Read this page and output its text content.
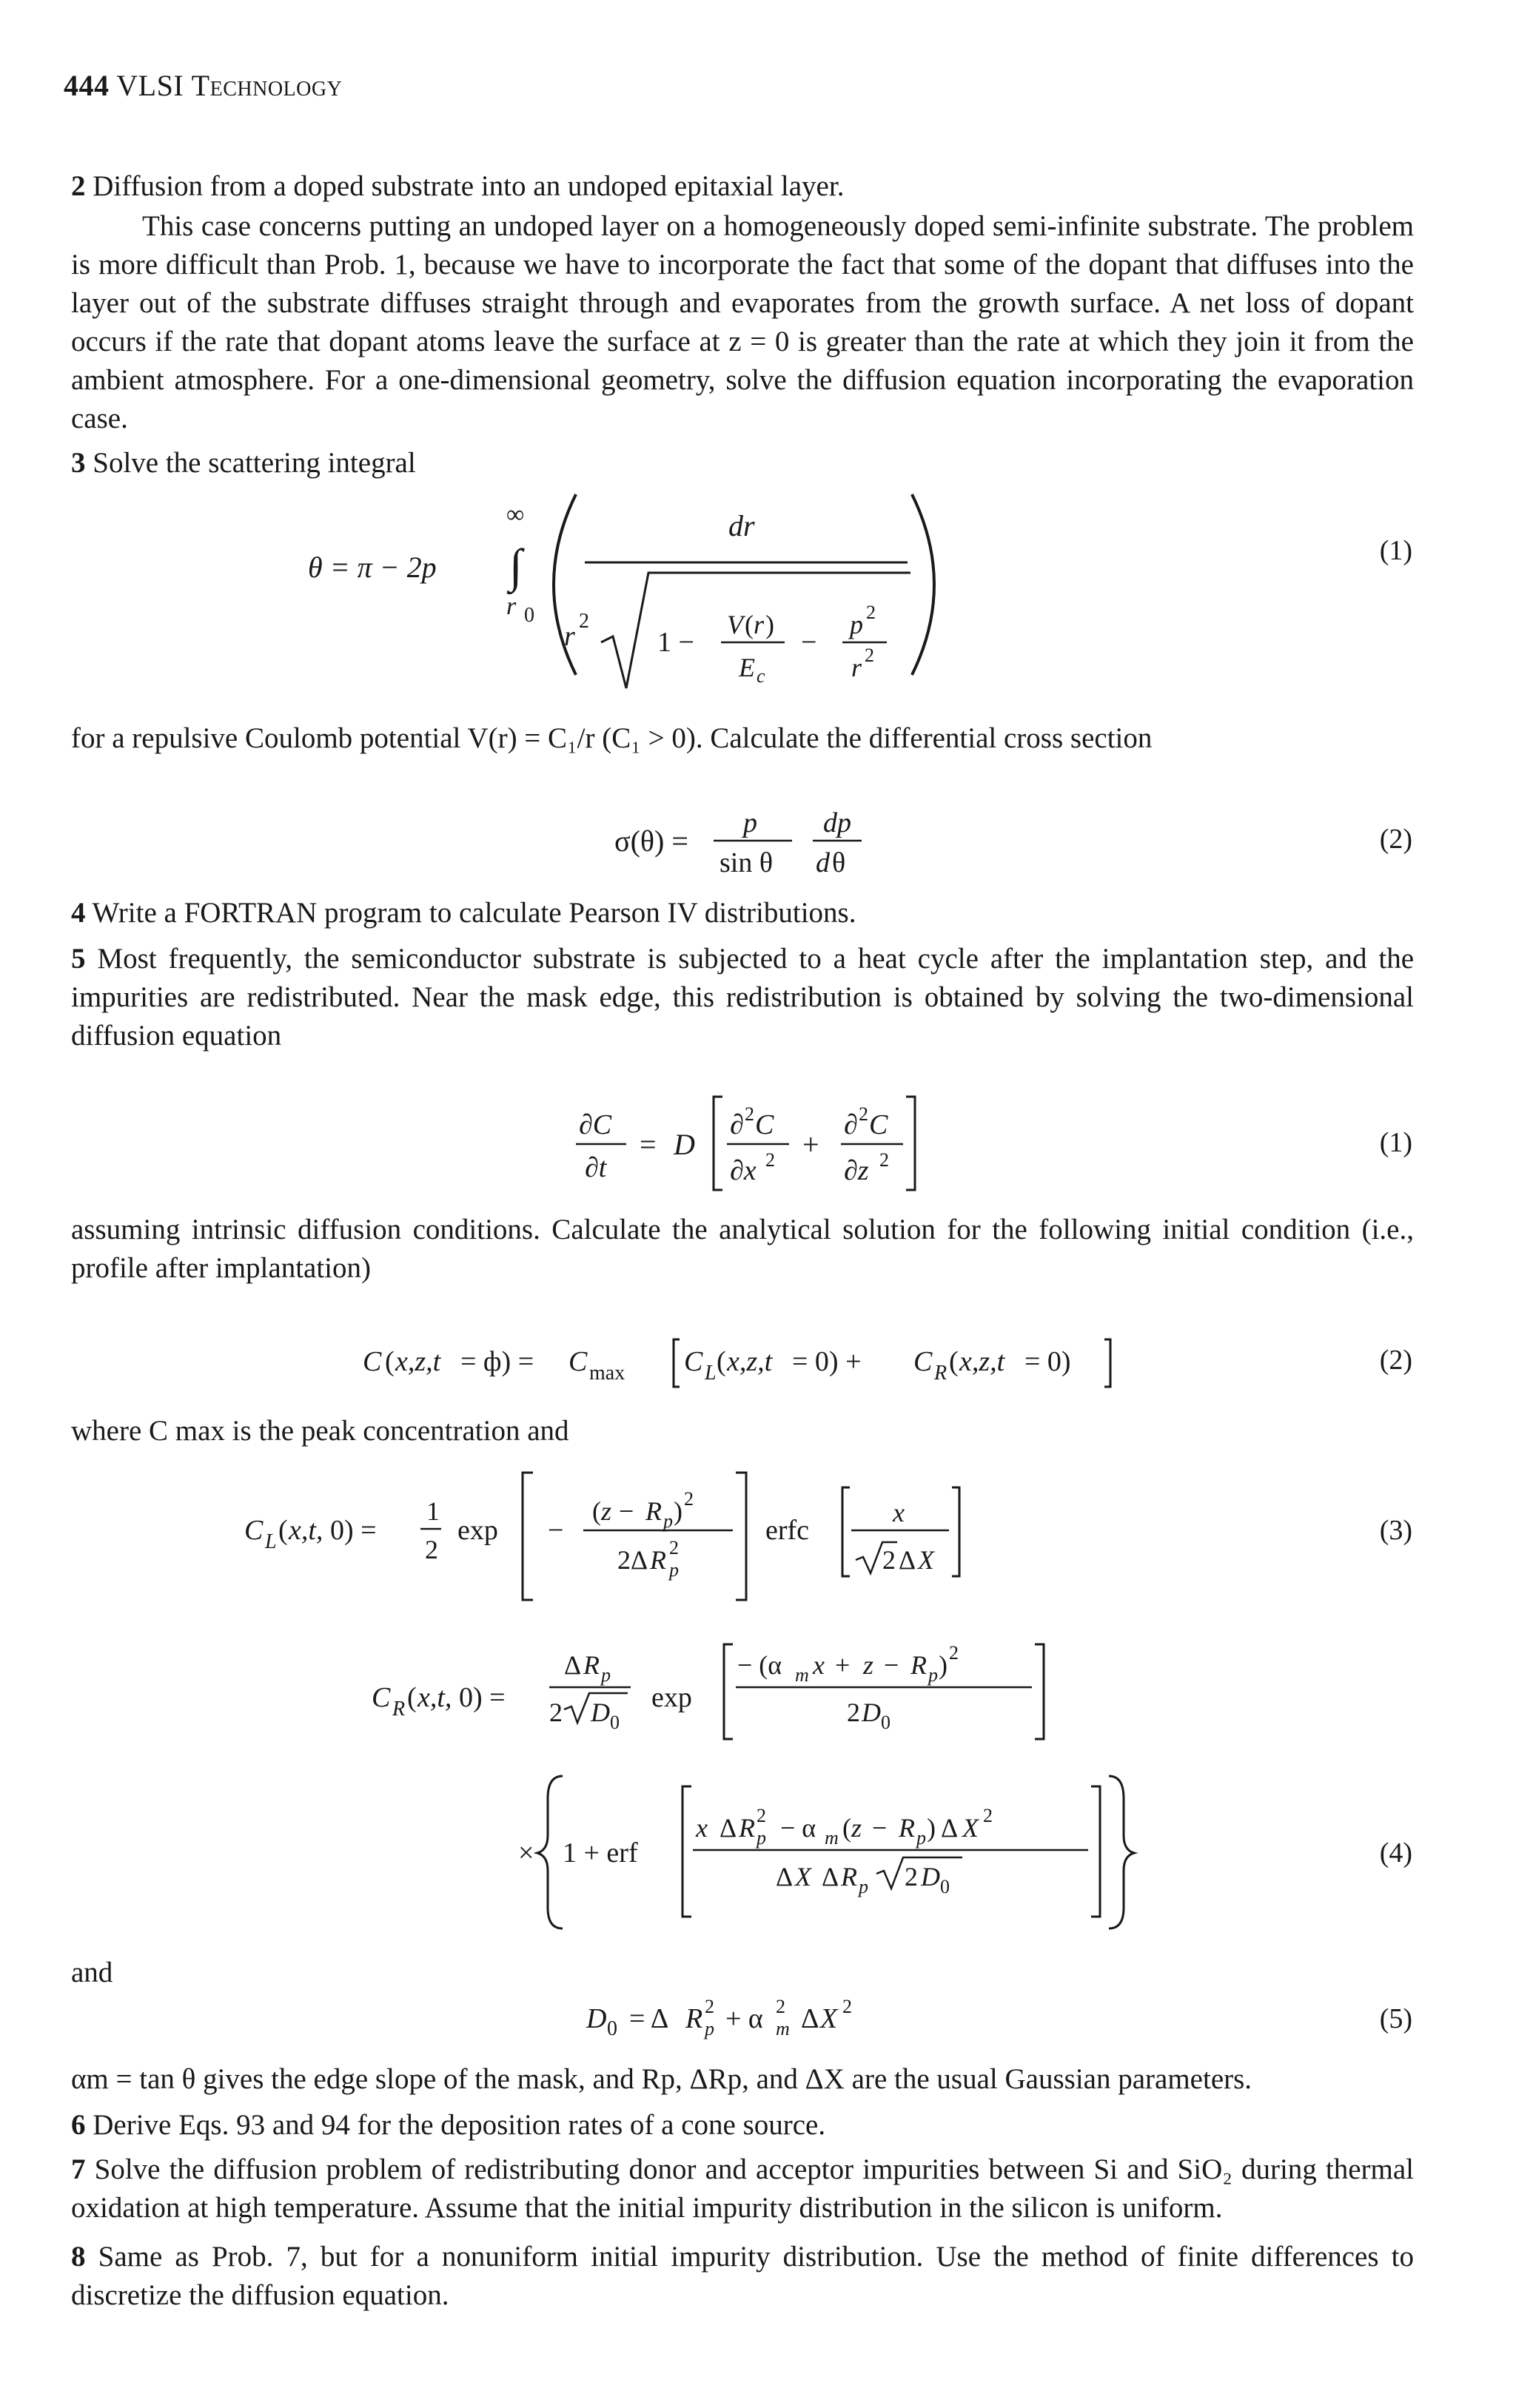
444 VLSI Technology
2 Diffusion from a doped substrate into an undoped epitaxial layer.
This case concerns putting an undoped layer on a homogeneously doped semi-infinite substrate. The problem is more difficult than Prob. 1, because we have to incorporate the fact that some of the dopant that diffuses into the layer out of the substrate diffuses straight through and evaporates from the growth surface. A net loss of dopant occurs if the rate that dopant atoms leave the surface at z = 0 is greater than the rate at which they join it from the ambient atmosphere. For a one-dimensional geometry, solve the diffusion equation incorporating the evaporation case.
3 Solve the scattering integral
θ = π − 2p
∞
∫
r 0
dr
r 2
1 −
V ( r )
E c
−
p 2
r 2
(1)
for a repulsive Coulomb potential V(r) = C₁/r (C₁ > 0). Calculate the differential cross section
σ(θ) =
p
sin θ
dp
d θ
(2)
4 Write a FORTRAN program to calculate Pearson IV distributions.
5 Most frequently, the semiconductor substrate is subjected to a heat cycle after the implantation step, and the impurities are redistributed. Near the mask edge, this redistribution is obtained by solving the two-dimensional diffusion equation
∂C
∂t
= D
∂ 2 C
∂x 2 +
∂ 2 C
∂z 2
(1)
assuming intrinsic diffusion conditions. Calculate the analytical solution for the following initial condition (i.e., profile after implantation)
C ( x,z,t = ф) = C max C L ( x,z,t = 0) + C R ( x,z,t = 0)	(2)
where C max is the peak concentration and
C L ( x,t, 0) =
1
2
exp −
( z − R p ) 2
2Δ R 2
p
erfc
x
2 Δ X
(3)
C R ( x,t, 0) =
Δ R p
2 D 0
exp
− (α m x + z − R p ) 2
2 D 0
× 1 + erf
x Δ R 2
p − α m ( z − R p ) Δ X 2
Δ X Δ R p 2 D 0
(4)
and
D 0 = Δ R 2
p + α 2
m Δ X 2	(5)
αm = tan θ gives the edge slope of the mask, and Rp, ΔRp, and ΔX are the usual Gaussian parameters.
6 Derive Eqs. 93 and 94 for the deposition rates of a cone source.
7 Solve the diffusion problem of redistributing donor and acceptor impurities between Si and SiO₂ during thermal oxidation at high temperature. Assume that the initial impurity distribution in the silicon is uniform.
8 Same as Prob. 7, but for a nonuniform initial impurity distribution. Use the method of finite differences to discretize the diffusion equation.
